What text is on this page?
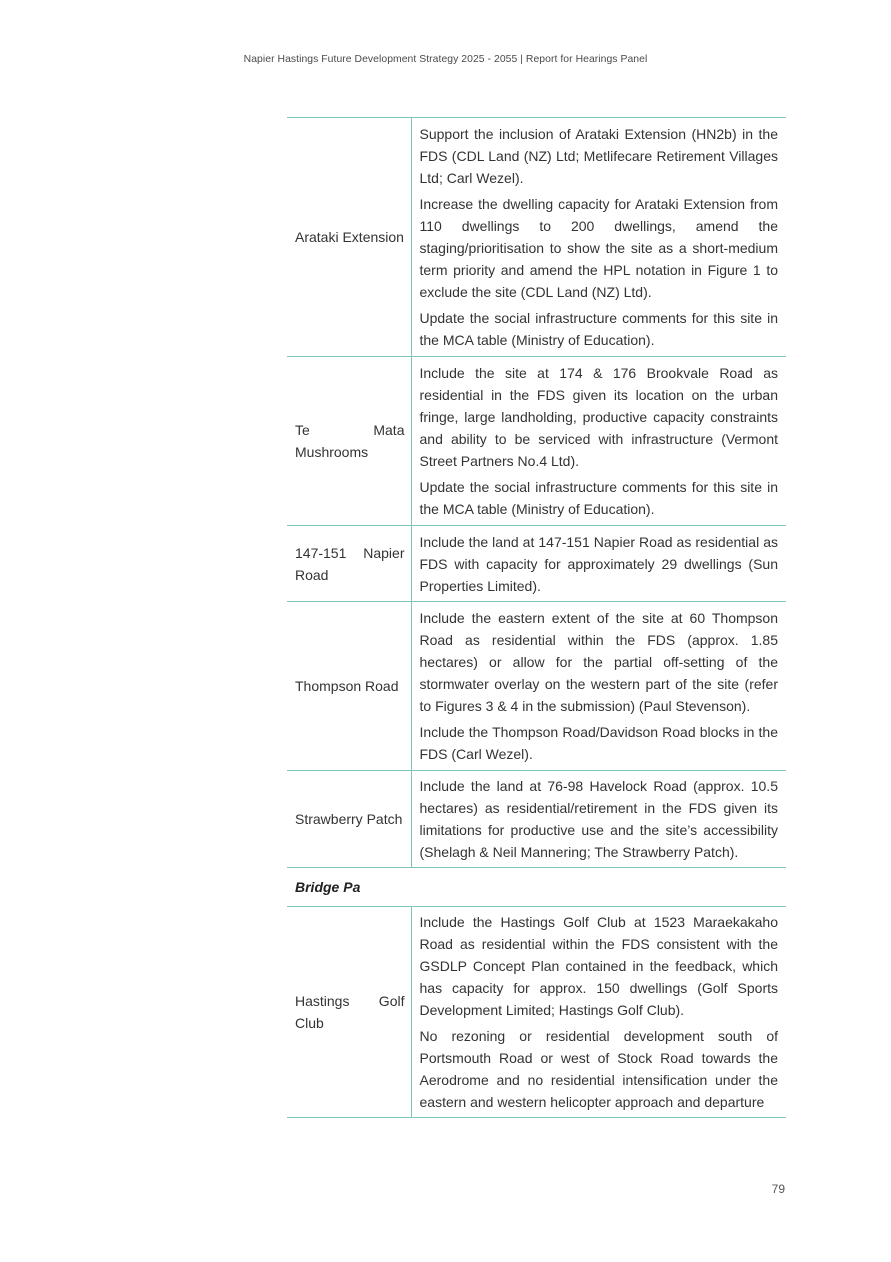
Napier Hastings Future Development Strategy 2025 - 2055 | Report for Hearings Panel
Arataki Extension	Support the inclusion of Arataki Extension (HN2b) in the FDS (CDL Land (NZ) Ltd; Metlifecare Retirement Villages Ltd; Carl Wezel).

Increase the dwelling capacity for Arataki Extension from 110 dwellings to 200 dwellings, amend the staging/prioritisation to show the site as a short-medium term priority and amend the HPL notation in Figure 1 to exclude the site (CDL Land (NZ) Ltd).

Update the social infrastructure comments for this site in the MCA table (Ministry of Education).

Te Mata Mushrooms	Include the site at 174 & 176 Brookvale Road as residential in the FDS given its location on the urban fringe, large landholding, productive capacity constraints and ability to be serviced with infrastructure (Vermont Street Partners No.4 Ltd).

Update the social infrastructure comments for this site in the MCA table (Ministry of Education).

147-151 Napier Road	Include the land at 147-151 Napier Road as residential as FDS with capacity for approximately 29 dwellings (Sun Properties Limited).

Thompson Road	Include the eastern extent of the site at 60 Thompson Road as residential within the FDS (approx. 1.85 hectares) or allow for the partial off-setting of the stormwater overlay on the western part of the site (refer to Figures 3 & 4 in the submission) (Paul Stevenson).

Include the Thompson Road/Davidson Road blocks in the FDS (Carl Wezel).

Strawberry Patch	Include the land at 76-98 Havelock Road (approx. 10.5 hectares) as residential/retirement in the FDS given its limitations for productive use and the site’s accessibility (Shelagh & Neil Mannering; The Strawberry Patch).

Bridge Pa	
Hastings Golf Club	Include the Hastings Golf Club at 1523 Maraekakaho Road as residential within the FDS consistent with the GSDLP Concept Plan contained in the feedback, which has capacity for approx. 150 dwellings (Golf Sports Development Limited; Hastings Golf Club).

No rezoning or residential development south of Portsmouth Road or west of Stock Road towards the Aerodrome and no residential intensification under the eastern and western helicopter approach and departure

79
